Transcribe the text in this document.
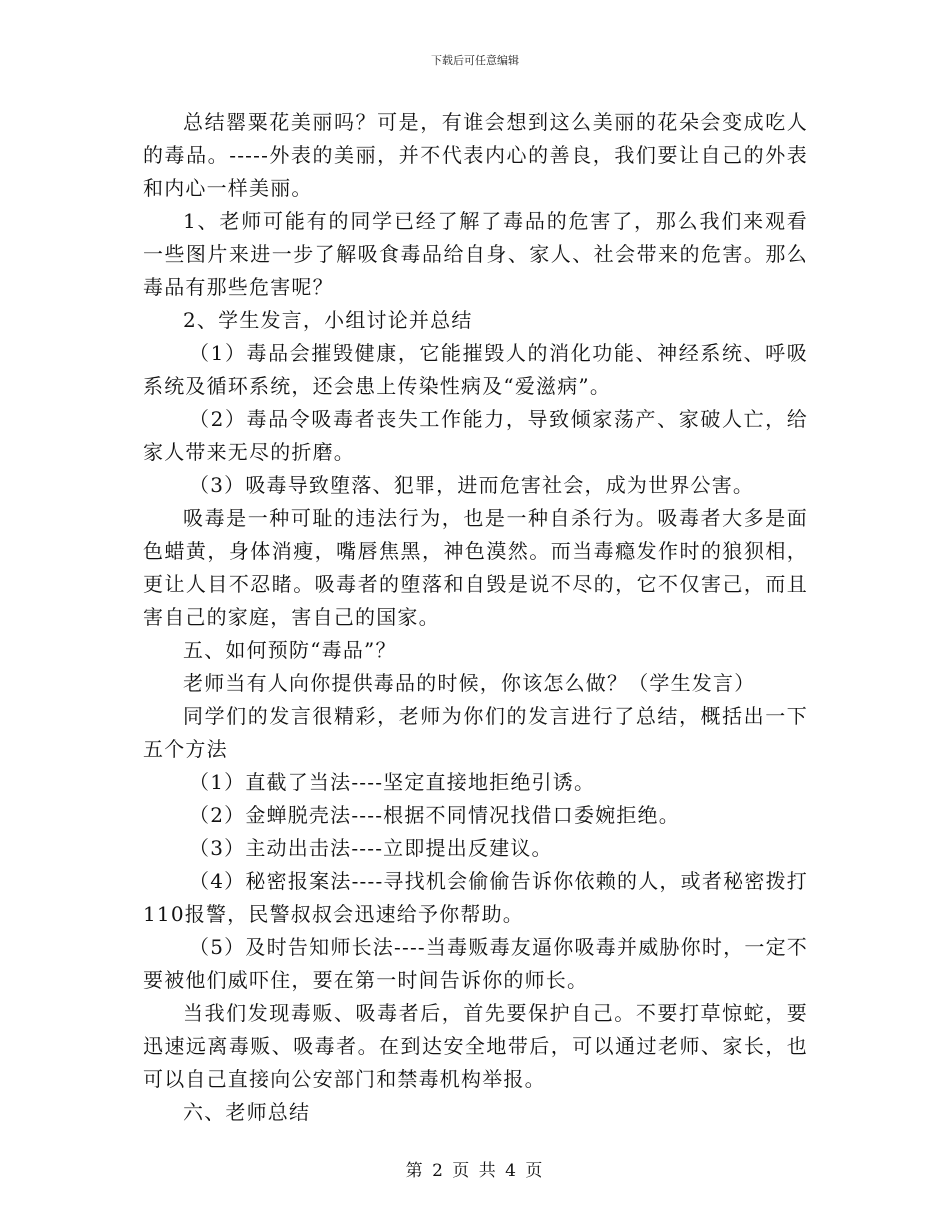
下载后可任意编辑

总结罂粟花美丽吗？可是，有谁会想到这么美丽的花朵会变成吃人的毒品。-----外表的美丽，并不代表内心的善良，我们要让自己的外表和内心一样美丽。

1、老师可能有的同学已经了解了毒品的危害了，那么我们来观看一些图片来进一步了解吸食毒品给自身、家人、社会带来的危害。那么毒品有那些危害呢？

2、学生发言，小组讨论并总结

（1）毒品会摧毁健康，它能摧毁人的消化功能、神经系统、呼吸系统及循环系统，还会患上传染性病及“爱滋病”。

（2）毒品令吸毒者丧失工作能力，导致倾家荡产、家破人亡，给家人带来无尽的折磨。

（3）吸毒导致堕落、犯罪，进而危害社会，成为世界公害。

吸毒是一种可耻的违法行为，也是一种自杀行为。吸毒者大多是面色蜡黄，身体消瘦，嘴唇焦黑，神色漠然。而当毒瘾发作时的狼狈相，更让人目不忍睹。吸毒者的堕落和自毁是说不尽的，它不仅害己，而且害自己的家庭，害自己的国家。

五、如何预防“毒品”？

老师当有人向你提供毒品的时候，你该怎么做？（学生发言）

同学们的发言很精彩，老师为你们的发言进行了总结，概括出一下五个方法

（1）直截了当法----坚定直接地拒绝引诱。

（2）金蝉脱壳法----根据不同情况找借口委婉拒绝。

（3）主动出击法----立即提出反建议。

（4）秘密报案法----寻找机会偷偷告诉你依赖的人，或者秘密拨打110报警，民警叔叔会迅速给予你帮助。

（5）及时告知师长法----当毒贩毒友逼你吸毒并威胁你时，一定不要被他们威吓住，要在第一时间告诉你的师长。

当我们发现毒贩、吸毒者后，首先要保护自己。不要打草惊蛇，要迅速远离毒贩、吸毒者。在到达安全地带后，可以通过老师、家长，也可以自己直接向公安部门和禁毒机构举报。

六、老师总结

第 2 页 共 4 页
